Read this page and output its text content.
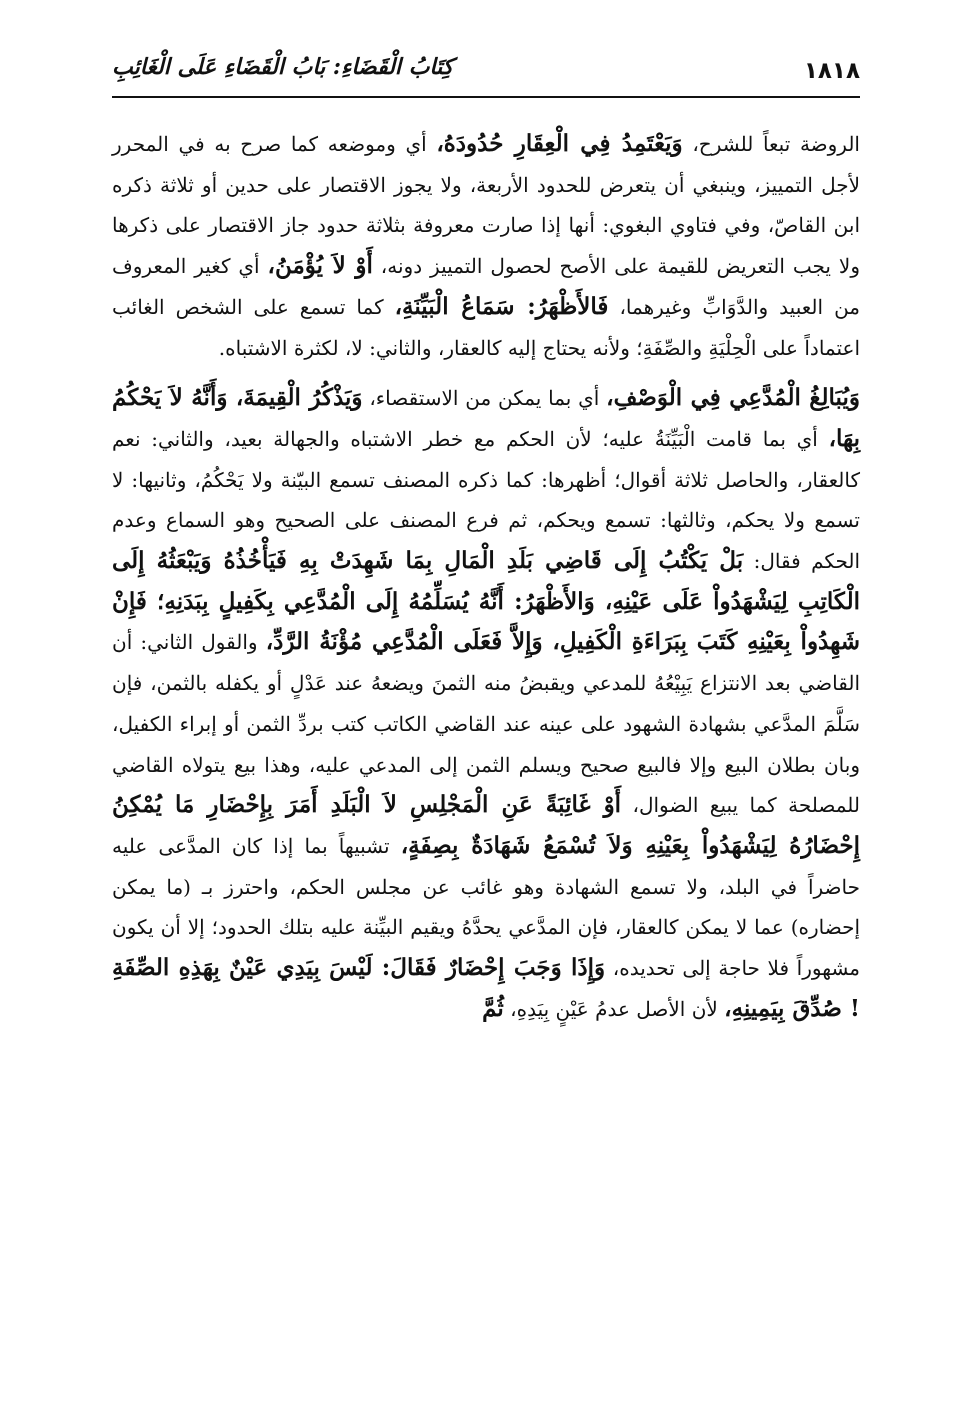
١٨١٨
كِتَابُ الْقَضَاءِ: بَابُ الْقَضَاءِ عَلَى الْغَائِبِ

الروضة تبعاً للشرح، وَيَعْتَمِدُ فِي الْعِقَارِ حُدُودَهُ، أي وموضعه كما صرح به في المحرر لأجل التمييز، وينبغي أن يتعرض للحدود الأربعة، ولا يجوز الاقتصار على حدين أو ثلاثة ذكره ابن القاصّ، وفي فتاوي البغوي: أنها إذا صارت معروفة بثلاثة حدود جاز الاقتصار على ذكرها ولا يجب التعريض للقيمة على الأصح لحصول التمييز دونه، أَوْ لاَ يُؤْمَنُ، أي كغير المعروف من العبيد والدَّوَابِّ وغيرهما، فَالأَظْهَرُ: سَمَاعُ الْبَيِّنَةِ، كما تسمع على الشخص الغائب اعتماداً على الْحِلْيَةِ والصِّفَةِ؛ ولأنه يحتاج إليه كالعقار، والثاني: لا، لكثرة الاشتباه.

وَيُبَالِغُ الْمُدَّعِي فِي الْوَصْفِ، أي بما يمكن من الاستقصاء، وَيَذْكُرُ الْقِيمَةَ، وَأَنَّهُ لاَ يَحْكُمُ بِهَا، أي بما قامت الْبَيِّنَةُ عليه؛ لأن الحكم مع خطر الاشتباه والجهالة بعيد، والثاني: نعم كالعقار، والحاصل ثلاثة أقوال؛ أظهرها: كما ذكره المصنف تسمع البيّنة ولا يَحْكُمُ، وثانيها: لا تسمع ولا يحكم، وثالثها: تسمع ويحكم، ثم فرع المصنف على الصحيح وهو السماع وعدم الحكم فقال: بَلْ يَكْتُبُ إِلَى قَاضِي بَلَدِ الْمَالِ بِمَا شَهِدَتْ بِهِ فَيَأْخُذُهُ وَيَبْعَثُهُ إِلَى الْكَاتِبِ لِيَشْهَدُواْ عَلَى عَيْنِهِ، وَالأَظْهَرُ: أَنَّهُ يُسَلِّمُهُ إِلَى الْمُدَّعِي بِكَفِيلٍ بِبَدَنِهِ؛ فَإِنْ شَهِدُواْ بِعَيْنِهِ كَتَبَ بِبَرَاءَةِ الْكَفِيلِ، وَإِلاَّ فَعَلَى الْمُدَّعِي مُؤْنَةُ الرَّدِّ، والقول الثاني: أن القاضي بعد الانتزاع يَبِيْعُهُ للمدعي ويقبضُ منه الثمنَ ويضعهُ عند عَدْلٍ أو يكفله بالثمن، فإن سَلَّمَ المدَّعي بشهادة الشهود على عينه عند القاضي الكاتب كتب بردِّ الثمن أو إبراء الكفيل، وبان بطلان البيع وإلا فالبيع صحيح ويسلم الثمن إلى المدعي عليه، وهذا بيع يتولاه القاضي للمصلحة كما يبيع الضوال، أَوْ غَائِبَةً عَنِ الْمَجْلِسِ لاَ الْبَلَدِ أَمَرَ بِإِحْضَارِ مَا يُمْكِنُ إِحْضَارُهُ لِيَشْهَدُواْ بِعَيْنِهِ وَلاَ تُسْمَعُ شَهَادَةٌ بِصِفَةٍ، تشبيهاً بما إذا كان المدَّعى عليه حاضراً في البلد، ولا تسمع الشهادة وهو غائب عن مجلس الحكم، واحترز بـ (ما يمكن إحضاره) عما لا يمكن كالعقار، فإن المدَّعي يحدَّهُ ويقيم البيِّنة عليه بتلك الحدود؛ إلا أن يكون مشهوراً فلا حاجة إلى تحديده، وَإِذَا وَجَبَ إِحْضَارٌ فَقَالَ: لَيْسَ بِيَدِي عَيْنٌ بِهَذِهِ الصِّفَةِ ! صُدِّقَ بِيَمِينِهِ، لأن الأصل عدمُ عَيْنٍ بِيَدِهِ، ثُمَّ
